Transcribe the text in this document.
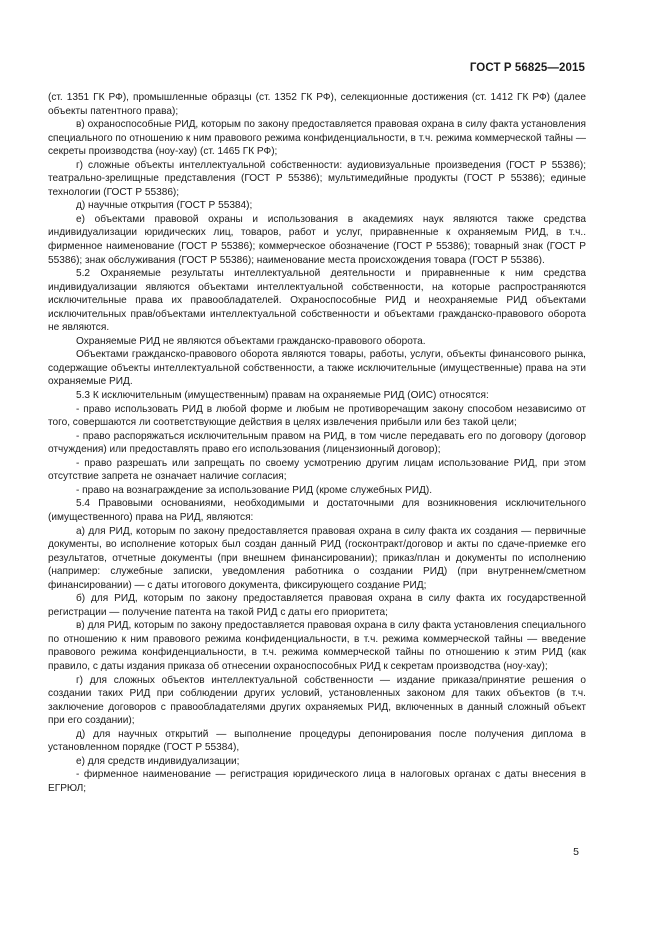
ГОСТ Р 56825—2015

(ст. 1351 ГК РФ), промышленные образцы (ст. 1352 ГК РФ), селекционные достижения (ст. 1412 ГК РФ) (далее объекты патентного права);

в) охраноспособные РИД, которым по закону предоставляется правовая охрана в силу факта установления специального по отношению к ним правового режима конфиденциальности, в т.ч. режима коммерческой тайны — секреты производства (ноу-хау) (ст. 1465 ГК РФ);

г) сложные объекты интеллектуальной собственности: аудиовизуальные произведения (ГОСТ Р 55386); театрально-зрелищные представления (ГОСТ Р 55386); мультимедийные продукты (ГОСТ Р 55386); единые технологии (ГОСТ Р 55386);

д) научные открытия (ГОСТ Р 55384);

е) объектами правовой охраны и использования в академиях наук являются также средства индивидуализации юридических лиц, товаров, работ и услуг, приравненные к охраняемым РИД, в т.ч.. фирменное наименование (ГОСТ Р 55386); коммерческое обозначение (ГОСТ Р 55386); товарный знак (ГОСТ Р 55386); знак обслуживания (ГОСТ Р 55386); наименование места происхождения товара (ГОСТ Р 55386).

5.2 Охраняемые результаты интеллектуальной деятельности и приравненные к ним средства индивидуализации являются объектами интеллектуальной собственности, на которые распространяются исключительные права их правообладателей. Охраноспособные РИД и неохраняемые РИД объектами исключительных прав/объектами интеллектуальной собственности и объектами гражданско-правового оборота не являются.

Охраняемые РИД не являются объектами гражданско-правового оборота.

Объектами гражданско-правового оборота являются товары, работы, услуги, объекты финансового рынка, содержащие объекты интеллектуальной собственности, а также исключительные (имущественные) права на эти охраняемые РИД.

5.3 К исключительным (имущественным) правам на охраняемые РИД (ОИС) относятся:

- право использовать РИД в любой форме и любым не противоречащим закону способом независимо от того, совершаются ли соответствующие действия в целях извлечения прибыли или без такой цели;

- право распоряжаться исключительным правом на РИД, в том числе передавать его по договору (договор отчуждения) или предоставлять право его использования (лицензионный договор);

- право разрешать или запрещать по своему усмотрению другим лицам использование РИД, при этом отсутствие запрета не означает наличие согласия;

- право на вознаграждение за использование РИД (кроме служебных РИД).

5.4 Правовыми основаниями, необходимыми и достаточными для возникновения исключительного (имущественного) права на РИД, являются:

а) для РИД, которым по закону предоставляется правовая охрана в силу факта их создания — первичные документы, во исполнение которых был создан данный РИД (госконтракт/договор и акты по сдаче-приемке его результатов, отчетные документы (при внешнем финансировании); приказ/план и документы по исполнению (например: служебные записки, уведомления работника о создании РИД) (при внутреннем/сметном финансировании) — с даты итогового документа, фиксирующего создание РИД;

б) для РИД, которым по закону предоставляется правовая охрана в силу факта их государственной регистрации — получение патента на такой РИД с даты его приоритета;

в) для РИД, которым по закону предоставляется правовая охрана в силу факта установления специального по отношению к ним правового режима конфиденциальности, в т.ч. режима коммерческой тайны — введение правового режима конфиденциальности, в т.ч. режима коммерческой тайны по отношению к этим РИД (как правило, с даты издания приказа об отнесении охраноспособных РИД к секретам производства (ноу-хау);

г) для сложных объектов интеллектуальной собственности — издание приказа/принятие решения о создании таких РИД при соблюдении других условий, установленных законом для таких объектов (в т.ч. заключение договоров с правообладателями других охраняемых РИД, включенных в данный сложный объект при его создании);

д) для научных открытий — выполнение процедуры депонирования после получения диплома в установленном порядке (ГОСТ Р 55384),

е) для средств индивидуализации;

- фирменное наименование — регистрация юридического лица в налоговых органах с даты внесения в ЕГРЮЛ;

5
